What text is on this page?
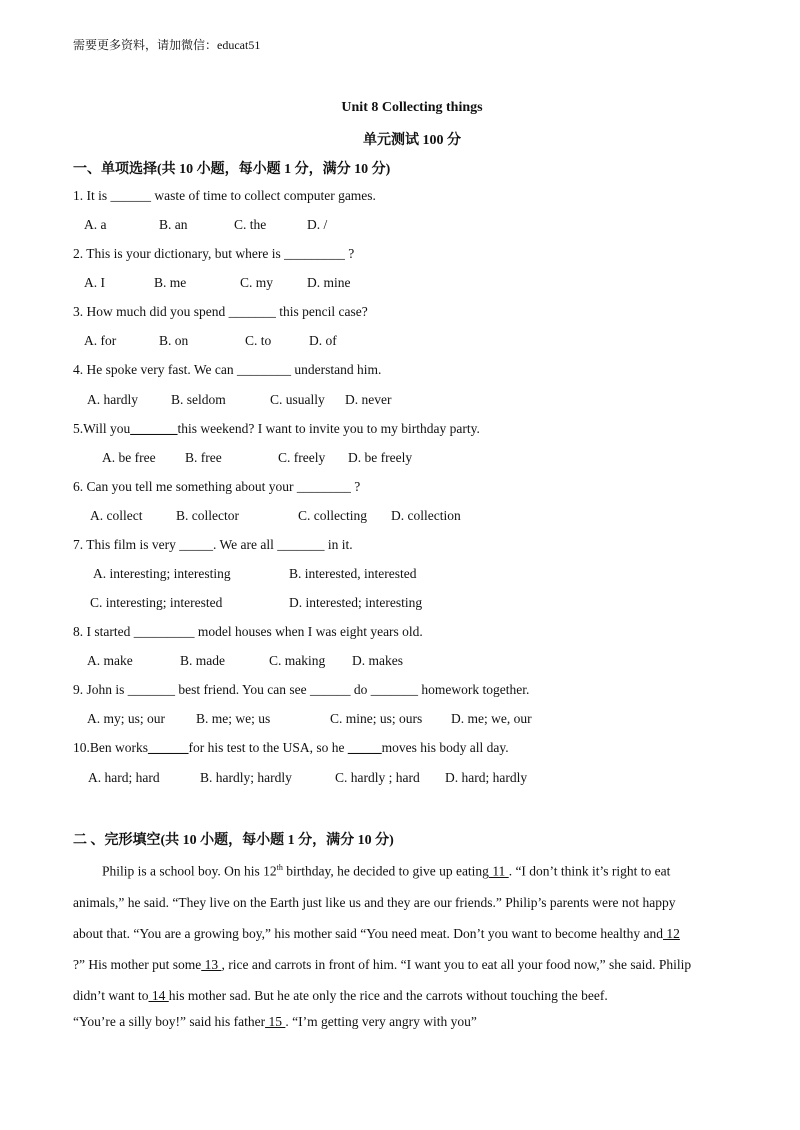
需要更多资料，请加微信：educat51
Unit 8 Collecting things
单元测试 100 分
一、单项选择(共 10 小题，每小题 1 分，满分 10 分)
1. It is ______ waste of time to collect computer games.
A. a	B. an	C. the	D. /
2. This is your dictionary, but where is _________ ?
A. I	B. me	C. my	D. mine
3. How much did you spend _______ this pencil case?
A. for	B. on	C. to	D. of
4. He spoke very fast. We can ________ understand him.
A. hardly B. seldom	C. usually D. never
5.Will you_______this weekend? I want to invite you to my birthday party.
A. be free B. free	C. freely D. be freely
6. Can you tell me something about your ________ ?
A. collect B. collector	C. collecting D. collection
7. This film is very _____. We are all _______ in it.
A. interesting; interesting	B. interested, interested
C. interesting; interested	D. interested; interesting
8. I started _________ model houses when I was eight years old.
A. make	B. made	C. making D. makes
9. John is _______ best friend. You can see ______ do _______ homework together.
A. my; us; our B. me; we; us	C. mine; us; ours D. me; we, our
10.Ben works______for his test to the USA, so he _____moves his body all day.
A. hard; hard	B. hardly; hardly	C. hardly ; hard D. hard; hardly
二 、完形填空(共 10 小题，每小题 1 分，满分 10 分)
Philip is a school boy. On his 12th birthday, he decided to give up eating 11 . “I don’t think it’s right to eat
animals,” he said. “They live on the Earth just like us and they are our friends.” Philip’s parents were not happy
about that. “You are a growing boy,” his mother said “You need meat. Don’t you want to become healthy and 12
?” His mother put some 13 , rice and carrots in front of him. “I want you to eat all your food now,” she said. Philip
didn’t want to 14 his mother sad. But he ate only the rice and the carrots without touching the beef.
“You’re a silly boy!” said his father 15 . “I’m getting very angry with you”
